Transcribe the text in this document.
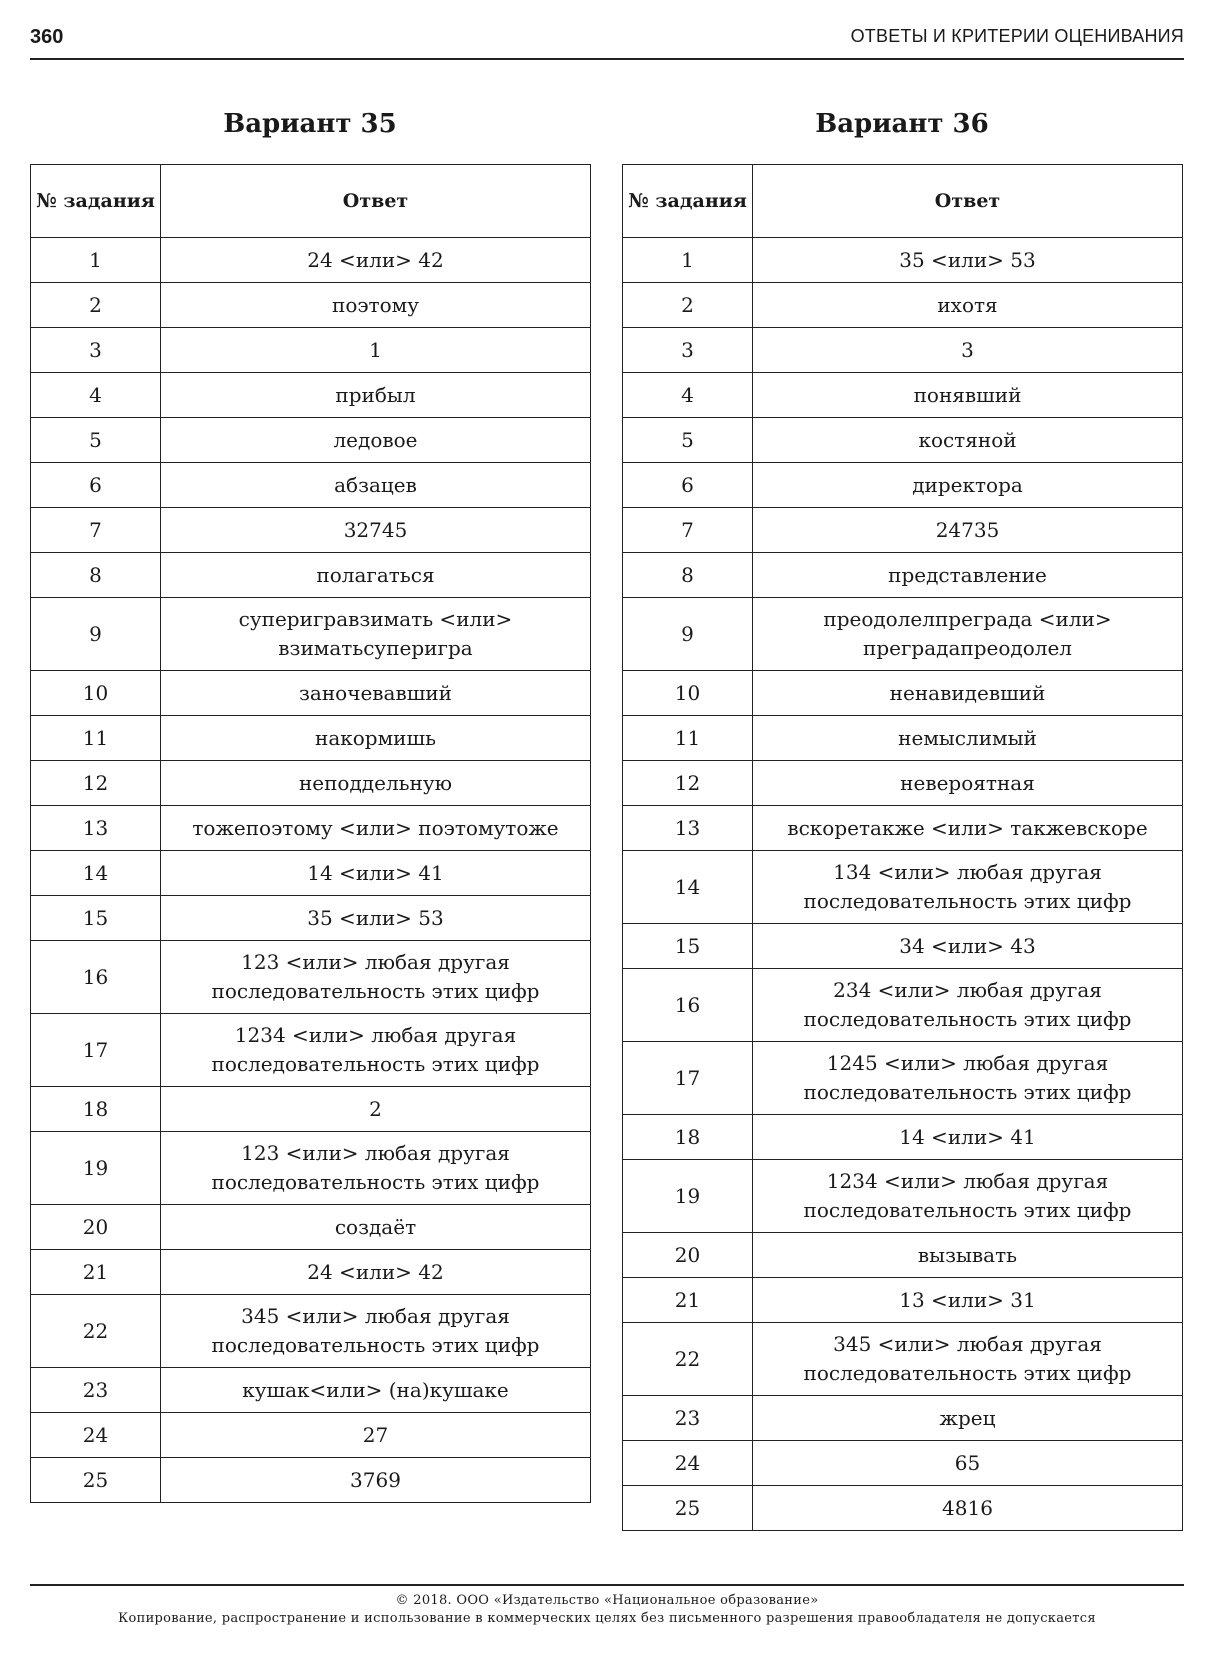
360	ОТВЕТЫ И КРИТЕРИИ ОЦЕНИВАНИЯ
Вариант 35
№ задания	Ответ
1	24 <или> 42
2	поэтому
3	1
4	прибыл
5	ледовое
6	абзацев
7	32745
8	полагаться
9	суперигравзимать <или> взиматьсуперигра
10	заночевавший
11	накормишь
12	неподдельную
13	тожепоэтому <или> поэтомутоже
14	14 <или> 41
15	35 <или> 53
16	123 <или> любая другая последовательность этих цифр
17	1234 <или> любая другая последовательность этих цифр
18	2
19	123 <или> любая другая последовательность этих цифр
20	создаёт
21	24 <или> 42
22	345 <или> любая другая последовательность этих цифр
23	кушак<или> (на)кушаке
24	27
25	3769
Вариант 36
№ задания	Ответ
1	35 <или> 53
2	ихотя
3	3
4	понявший
5	костяной
6	директора
7	24735
8	представление
9	преодолелпреграда <или> преградапреодолел
10	ненавидевший
11	немыслимый
12	невероятная
13	вскоретакже <или> такжевскоре
14	134 <или> любая другая последовательность этих цифр
15	34 <или> 43
16	234 <или> любая другая последовательность этих цифр
17	1245 <или> любая другая последовательность этих цифр
18	14 <или> 41
19	1234 <или> любая другая последовательность этих цифр
20	вызывать
21	13 <или> 31
22	345 <или> любая другая последовательность этих цифр
23	жрец
24	65
25	4816
© 2018. ООО «Издательство «Национальное образование»
Копирование, распространение и использование в коммерческих целях без письменного разрешения правообладателя не допускается
